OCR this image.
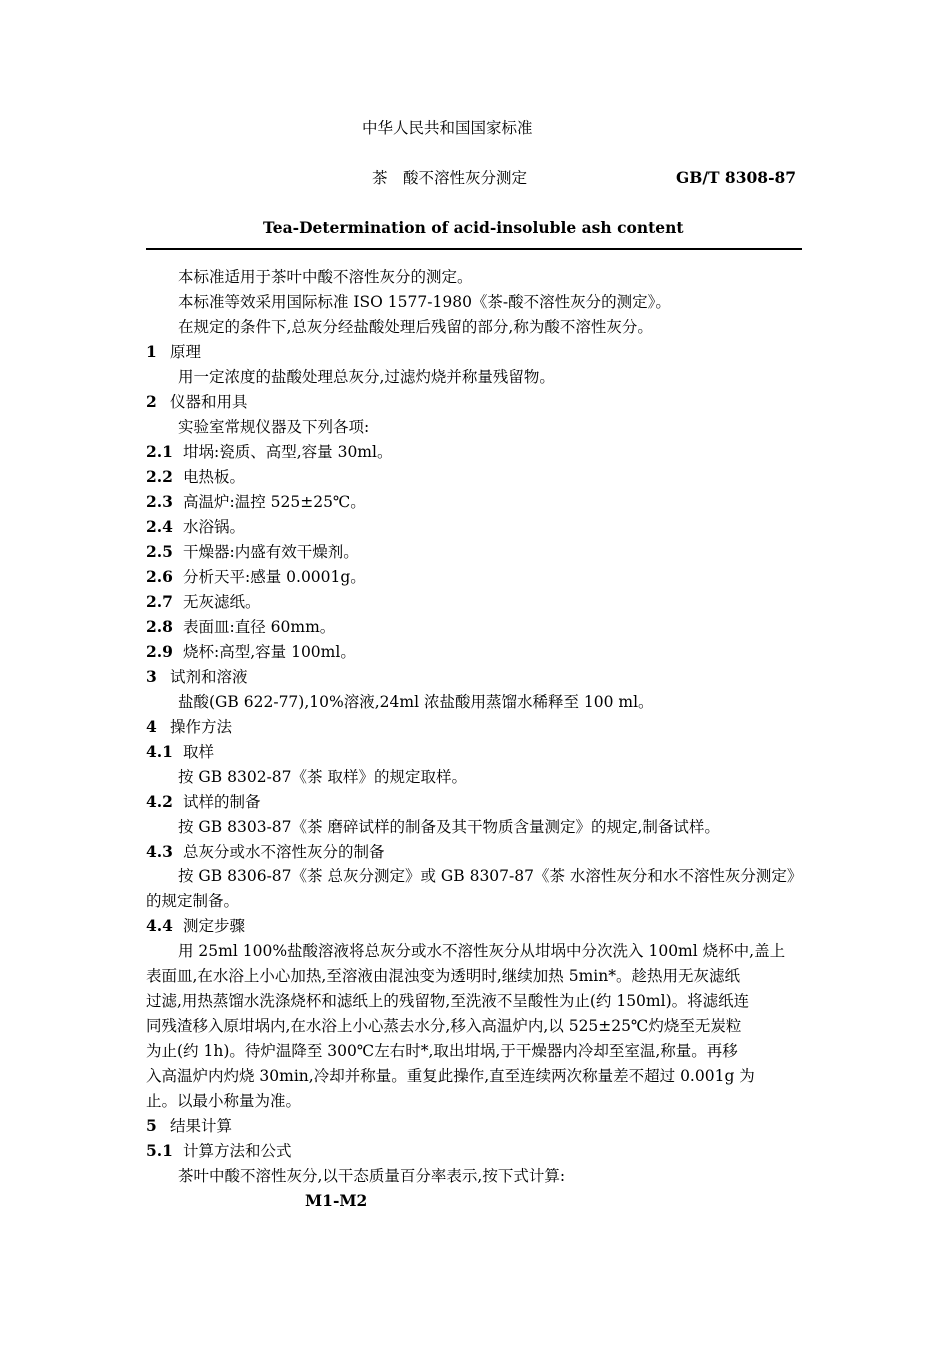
中华人民共和国国家标准
茶　酸不溶性灰分测定	GB/T 8308-87
Tea-Determination of acid-insoluble ash content
本标准适用于茶叶中酸不溶性灰分的测定。
本标准等效采用国际标准 ISO 1577-1980《茶-酸不溶性灰分的测定》。
在规定的条件下,总灰分经盐酸处理后残留的部分,称为酸不溶性灰分。
1 原理
用一定浓度的盐酸处理总灰分,过滤灼烧并称量残留物。
2 仪器和用具
实验室常规仪器及下列各项:
2.1 坩埚:瓷质、高型,容量 30ml。
2.2 电热板。
2.3 高温炉:温控 525±25℃。
2.4 水浴锅。
2.5 干燥器:内盛有效干燥剂。
2.6 分析天平:感量 0.0001g。
2.7 无灰滤纸。
2.8 表面皿:直径 60mm。
2.9 烧杯:高型,容量 100ml。
3 试剂和溶液
盐酸(GB 622-77),10%溶液,24ml 浓盐酸用蒸馏水稀释至 100 ml。
4 操作方法
4.1 取样
按 GB 8302-87《茶 取样》的规定取样。
4.2 试样的制备
按 GB 8303-87《茶 磨碎试样的制备及其干物质含量测定》的规定,制备试样。
4.3 总灰分或水不溶性灰分的制备
按 GB 8306-87《茶 总灰分测定》或 GB 8307-87《茶 水溶性灰分和水不溶性灰分测定》
的规定制备。
4.4 测定步骤
用 25ml 100%盐酸溶液将总灰分或水不溶性灰分从坩埚中分次洗入 100ml 烧杯中,盖上
表面皿,在水浴上小心加热,至溶液由混浊变为透明时,继续加热 5min*。趁热用无灰滤纸
过滤,用热蒸馏水洗涤烧杯和滤纸上的残留物,至洗液不呈酸性为止(约 150ml)。将滤纸连
同残渣移入原坩埚内,在水浴上小心蒸去水分,移入高温炉内,以 525±25℃灼烧至无炭粒
为止(约 1h)。待炉温降至 300℃左右时*,取出坩埚,于干燥器内冷却至室温,称量。再移
入高温炉内灼烧 30min,冷却并称量。重复此操作,直至连续两次称量差不超过 0.001g 为
止。以最小称量为准。
5 结果计算
5.1 计算方法和公式
茶叶中酸不溶性灰分,以干态质量百分率表示,按下式计算:
M1-M2
